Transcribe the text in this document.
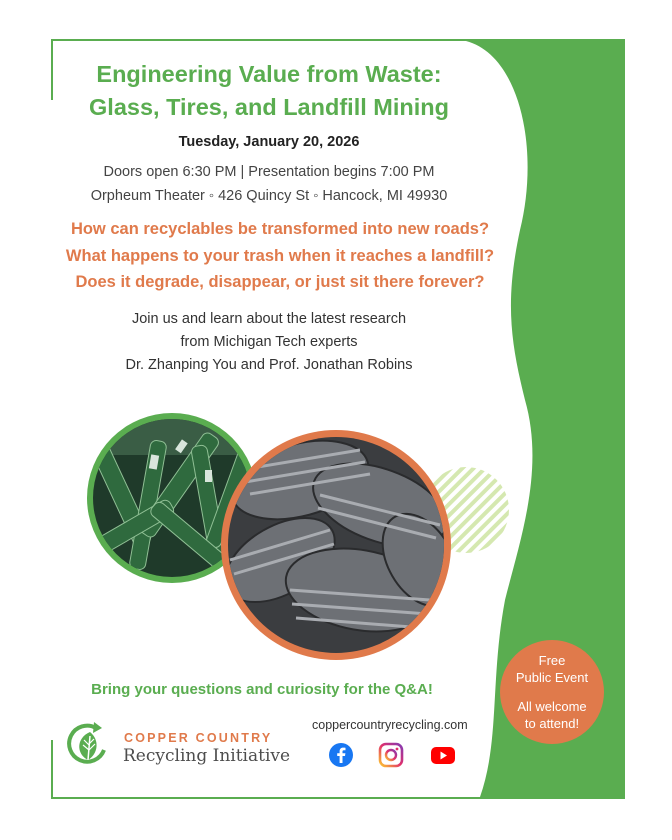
Engineering Value from Waste:
Glass, Tires, and Landfill Mining
Tuesday, January 20, 2026
Doors open 6:30 PM | Presentation begins 7:00 PM
Orpheum Theater ◦ 426 Quincy St ◦ Hancock, MI 49930
How can recyclables be transformed into new roads?
What happens to your trash when it reaches a landfill?
Does it degrade, disappear, or just sit there forever?
Join us and learn about the latest research
from Michigan Tech experts
Dr. Zhanping You and Prof. Jonathan Robins
Bring your questions and curiosity for the Q&A!
Free
Public Event
All welcome
to attend!
COPPER COUNTRY
Recycling Initiative
coppercountryrecycling.com
